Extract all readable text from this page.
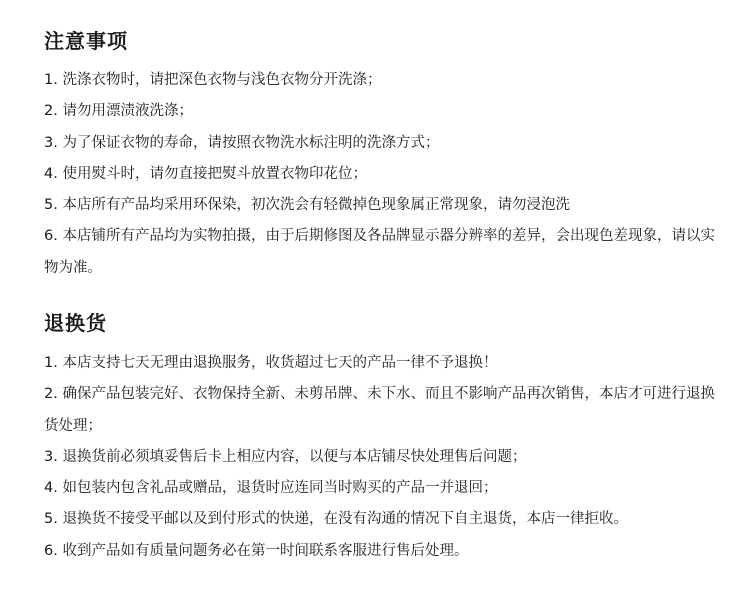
注意事项
1. 洗涤衣物时，请把深色衣物与浅色衣物分开洗涤；
2. 请勿用漂渍液洗涤；
3. 为了保证衣物的寿命，请按照衣物洗水标注明的洗涤方式；
4. 使用熨斗时，请勿直接把熨斗放置衣物印花位；
5. 本店所有产品均采用环保染，初次洗会有轻微掉色现象属正常现象，请勿浸泡洗
6. 本店铺所有产品均为实物拍摄，由于后期修图及各品牌显示器分辨率的差异，会出现色差现象，请以实物为准。
退换货
1. 本店支持七天无理由退换服务，收货超过七天的产品一律不予退换！
2. 确保产品包装完好、衣物保持全新、未剪吊牌、未下水、而且不影响产品再次销售，本店才可进行退换货处理；
3. 退换货前必须填妥售后卡上相应内容，以便与本店铺尽快处理售后问题；
4. 如包装内包含礼品或赠品，退货时应连同当时购买的产品一并退回；
5. 退换货不接受平邮以及到付形式的快递，在没有沟通的情况下自主退货，本店一律拒收。
6. 收到产品如有质量问题务必在第一时间联系客服进行售后处理。
